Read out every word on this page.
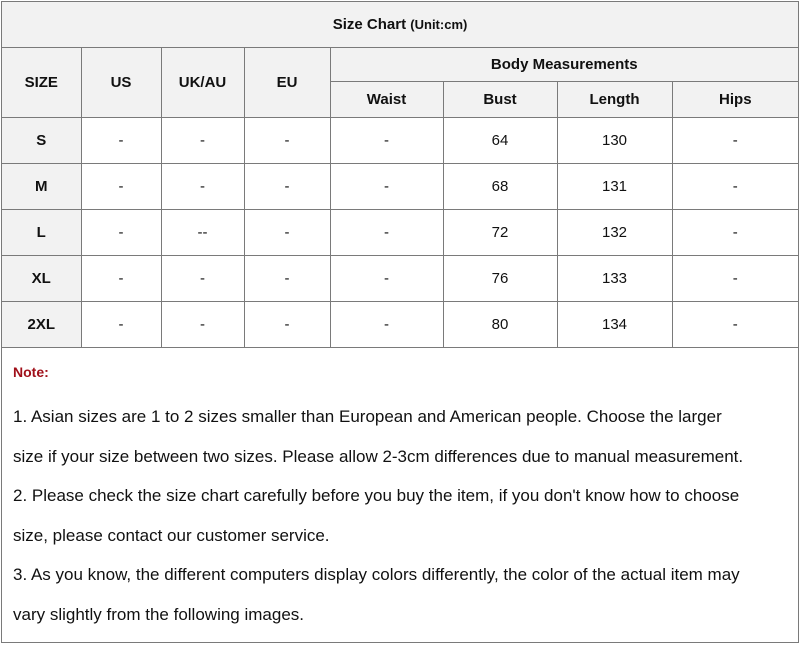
Size Chart (Unit:cm)							
SIZE	US	UK/AU	EU	Body Measurements			
				Waist	Bust	Length	Hips
S	-	-	-	-	64	130	-
M	-	-	-	-	68	131	-
L	-	--	-	-	72	132	-
XL	-	-	-	-	76	133	-
2XL	-	-	-	-	80	134	-
Note:

1. Asian sizes are 1 to 2 sizes smaller than European and American people. Choose the larger

size if your size between two sizes. Please allow 2-3cm differences due to manual measurement.

2. Please check the size chart carefully before you buy the item, if you don't know how to choose

size, please contact our customer service.

3. As you know, the different computers display colors differently, the color of the actual item may

vary slightly from the following images.
